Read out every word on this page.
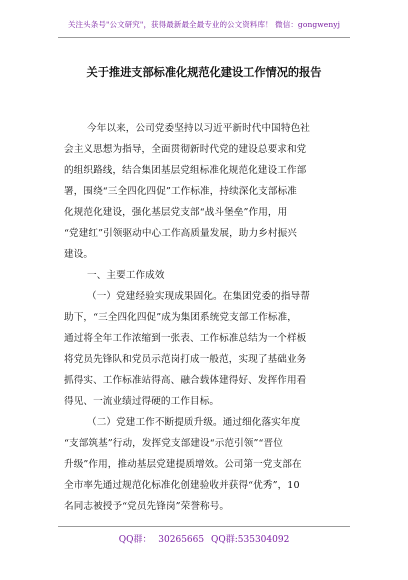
关注头条号"公文研究"，获得最新最全最专业的公文资料库！ 微信：gongwenyj
关于推进支部标准化规范化建设工作情况的报告
今年以来，公司党委坚持以习近平新时代中国特色社
会主义思想为指导，全面贯彻新时代党的建设总要求和党
的组织路线，结合集团基层党组标准化规范化建设工作部
署，围绕“三全四化四促”工作标准，持续深化支部标准
化规范化建设，强化基层党支部“战斗堡垒”作用，用
“党建红”引领驱动中心工作高质量发展，助力乡村振兴
建设。
一、主要工作成效
（一）党建经验实现成果固化。在集团党委的指导帮
助下，“三全四化四促”成为集团系统党支部工作标准，
通过将全年工作浓缩到一张表、工作标准总结为一个样板
将党员先锋队和党员示范岗打成一般范，实现了基础业务
抓得实、工作标准站得高、融合载体建得好、发挥作用看
得见、一流业绩过得硬的工作目标。
（二）党建工作不断提质升级。通过细化落实年度
“支部筑基”行动，发挥党支部建设“示范引领”“晋位
升级”作用，推动基层党建提质增效。公司第一党支部在
全市率先通过规范化标准化创建验收并获得“优秀”，10
名同志被授予“党员先锋岗”荣誉称号。
QQ群： 30265665 QQ群:535304092
